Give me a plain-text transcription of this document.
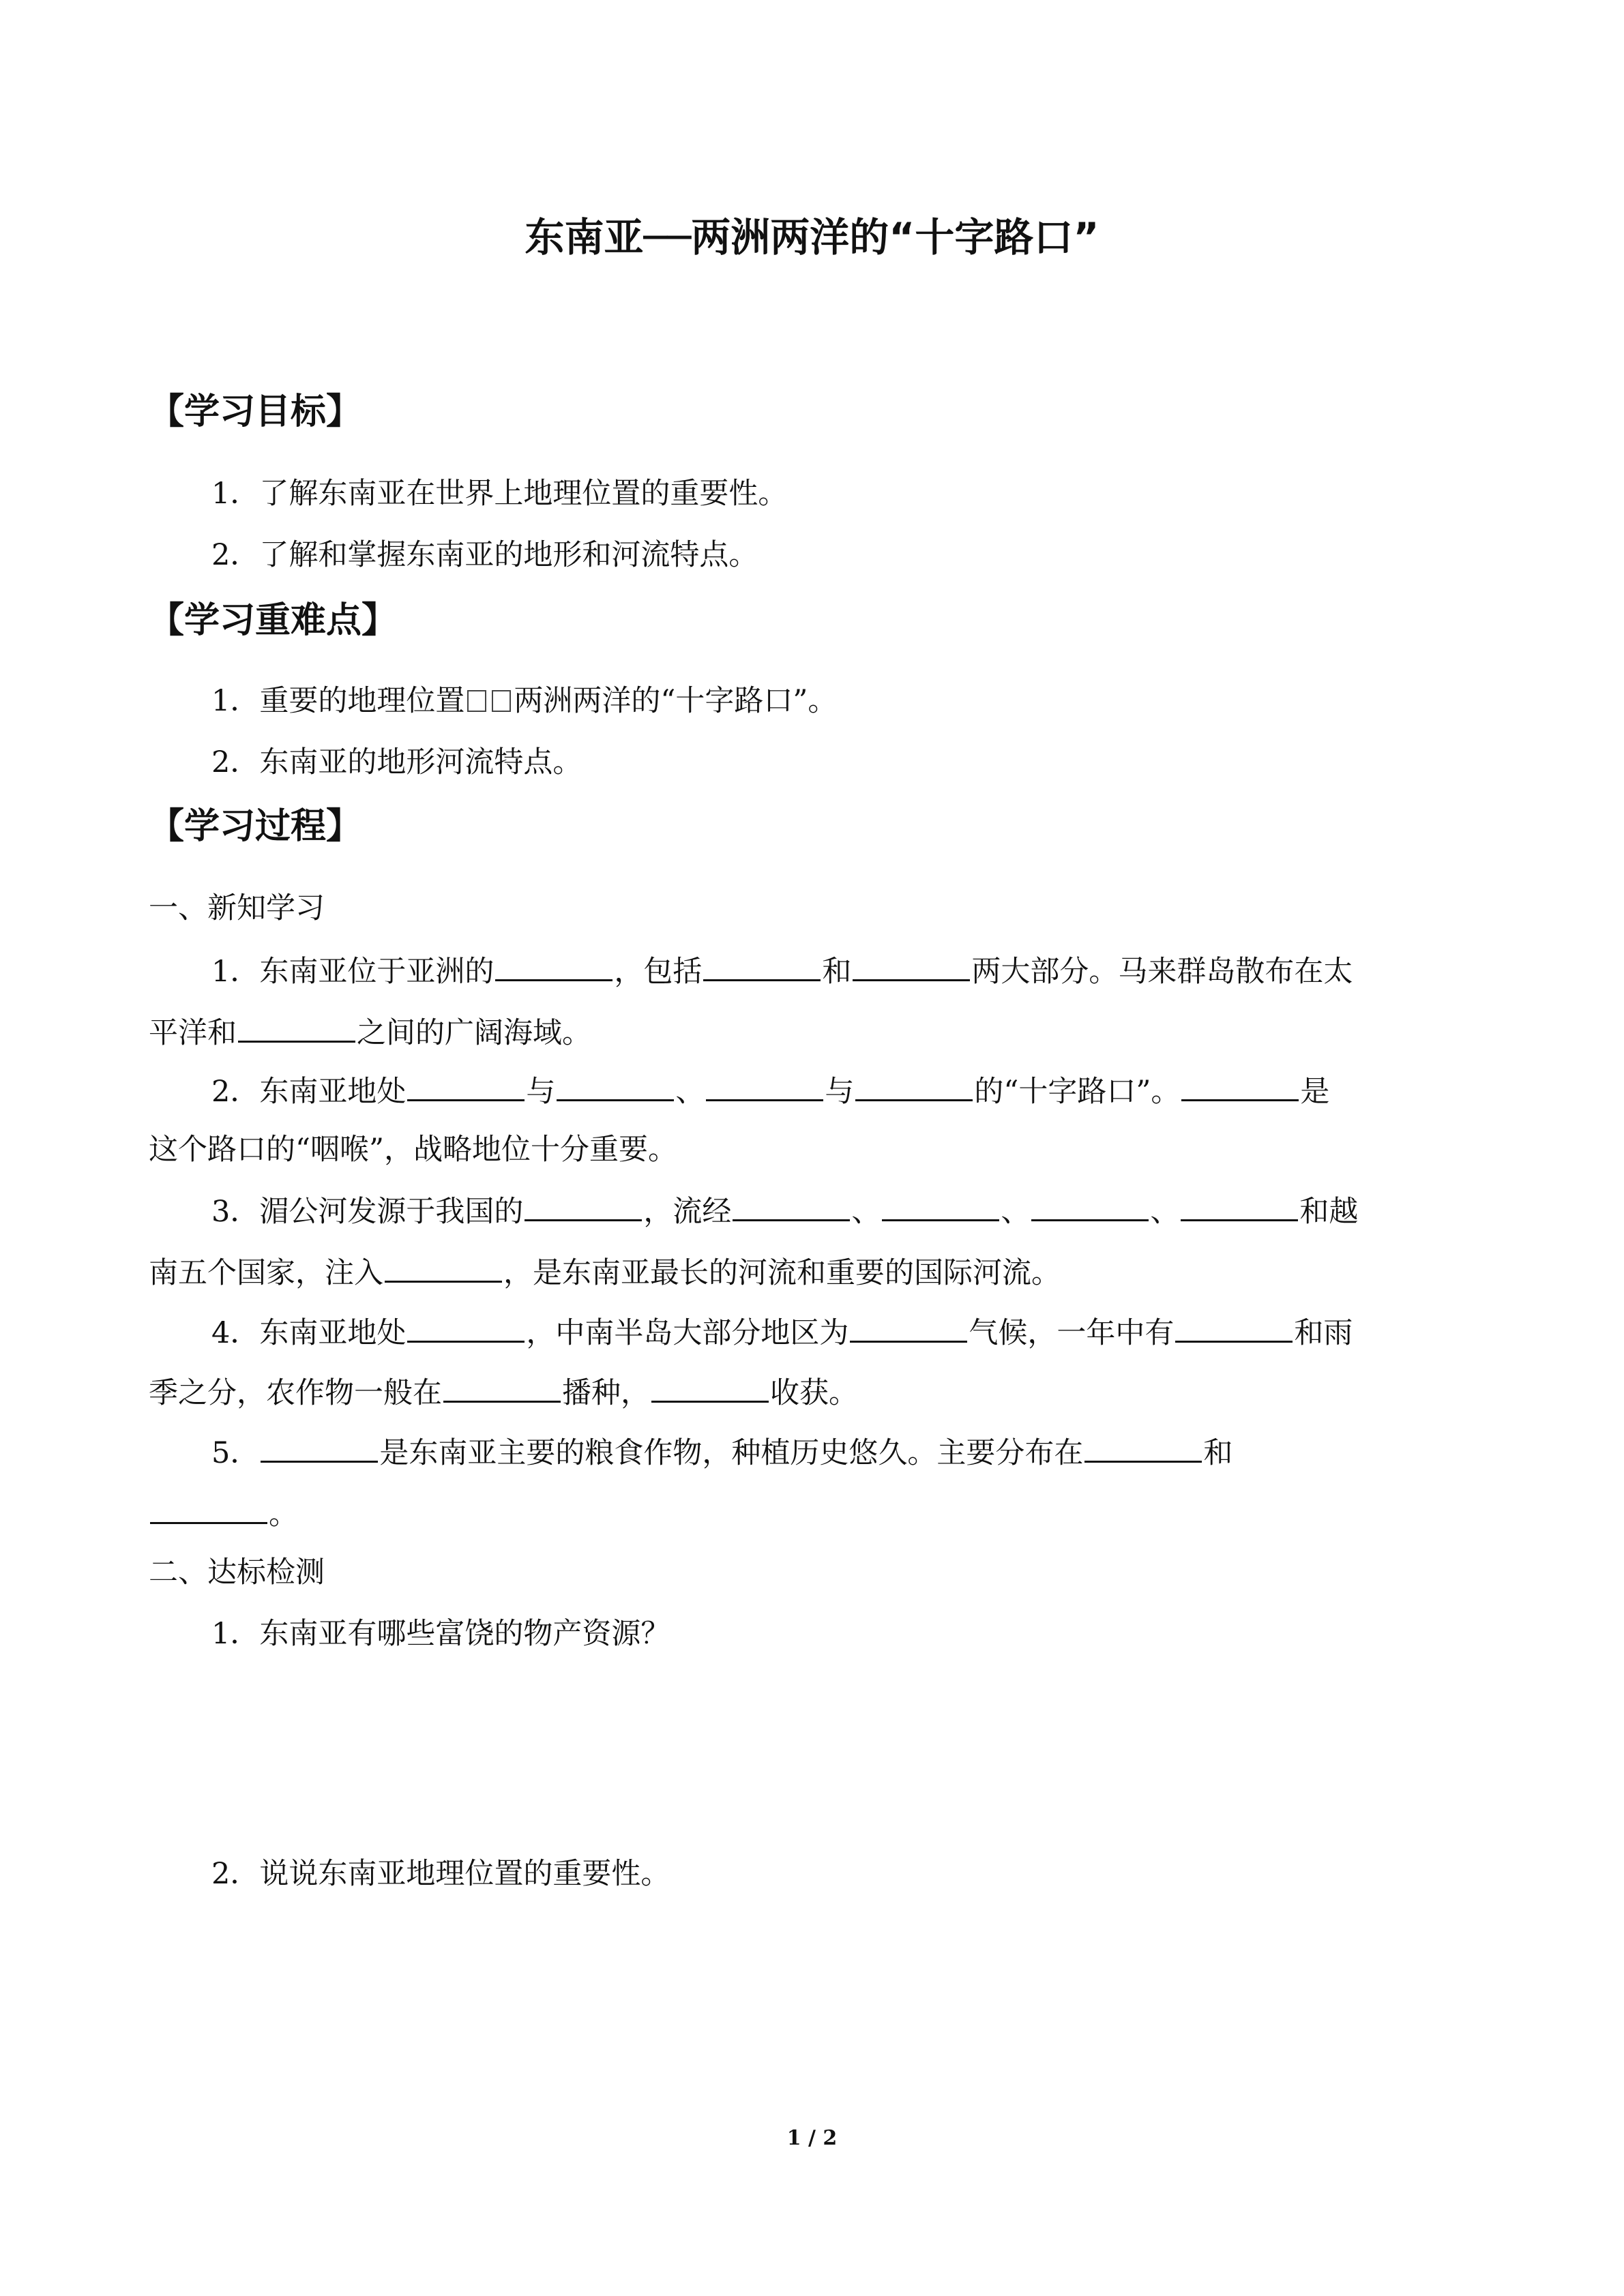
东南亚──两洲两洋的“十字路口”
【学习目标】
1．了解东南亚在世界上地理位置的重要性。
2．了解和掌握东南亚的地形和河流特点。
【学习重难点】
1．重要的地理位置 两洲两洋的“十字路口”。
2．东南亚的地形河流特点。
【学习过程】
一、新知学习
1．东南亚位于亚洲的	，包括	和	两大部分。马来群岛散布在太
平洋和	之间的广阔海域。
2．东南亚地处	与	、	与	的“十字路口”。	是
这个路口的“咽喉”，战略地位十分重要。
3．湄公河发源于我国的	，流经	、	、	、	和越
南五个国家，注入	，是东南亚最长的河流和重要的国际河流。
4．东南亚地处	，中南半岛大部分地区为	气候，一年中有	和雨
季之分，农作物一般在	播种，	收获。
5．	是东南亚主要的粮食作物，种植历史悠久。主要分布在	和
。
二、达标检测
1．东南亚有哪些富饶的物产资源？
2．说说东南亚地理位置的重要性。
1 / 2
